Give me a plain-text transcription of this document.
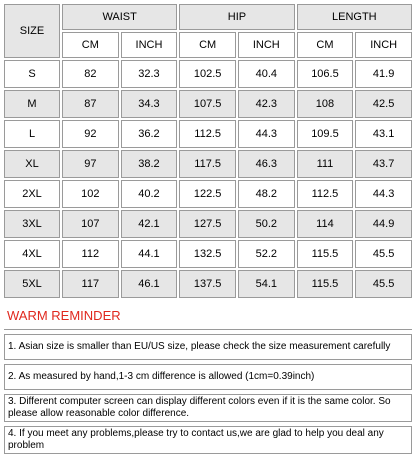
SIZE	WAIST		HIP		LENGTH	
	CM	INCH	CM	INCH	CM	INCH
S	82	32.3	102.5	40.4	106.5	41.9
M	87	34.3	107.5	42.3	108	42.5
L	92	36.2	112.5	44.3	109.5	43.1
XL	97	38.2	117.5	46.3	111	43.7
2XL	102	40.2	122.5	48.2	112.5	44.3
3XL	107	42.1	127.5	50.2	114	44.9
4XL	112	44.1	132.5	52.2	115.5	45.5
5XL	117	46.1	137.5	54.1	115.5	45.5
WARM REMINDER
1. Asian size is smaller than EU/US size, please check the size measurement carefully
2. As measured by hand,1-3 cm difference is allowed (1cm=0.39inch)
3. Different computer screen can display different colors even if it is the same color. So please allow reasonable color difference.
4. If you meet any problems,please try to contact us,we are glad to help you deal any problem
